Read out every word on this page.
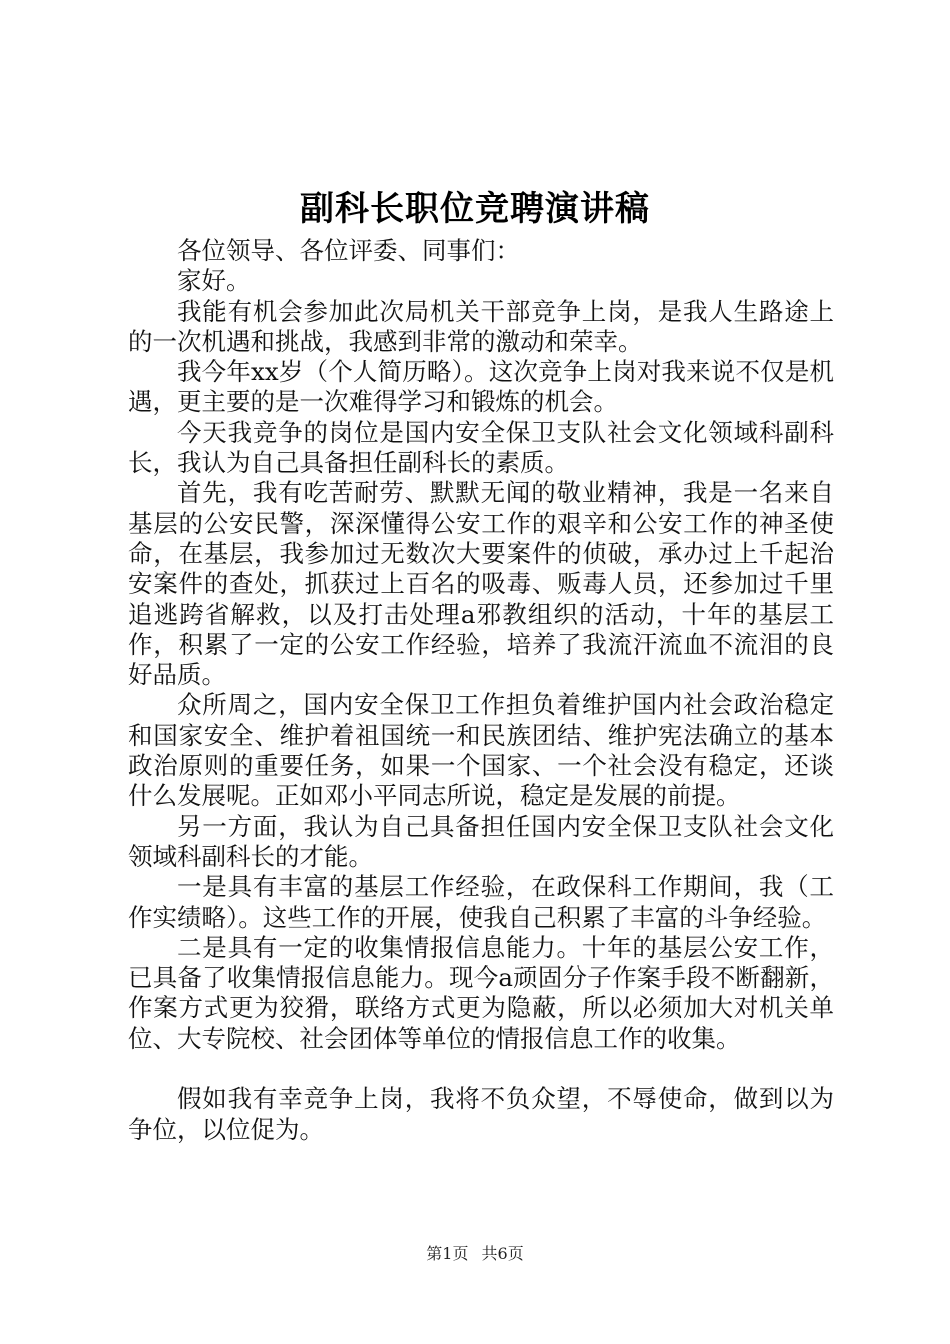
副科长职位竞聘演讲稿

各位领导、各位评委、同事们：

家好。

我能有机会参加此次局机关干部竞争上岗，是我人生路途上的一次机遇和挑战，我感到非常的激动和荣幸。

我今年xx岁（个人简历略）。这次竞争上岗对我来说不仅是机遇，更主要的是一次难得学习和锻炼的机会。

今天我竞争的岗位是国内安全保卫支队社会文化领域科副科长，我认为自己具备担任副科长的素质。

首先，我有吃苦耐劳、默默无闻的敬业精神，我是一名来自基层的公安民警，深深懂得公安工作的艰辛和公安工作的神圣使命，在基层，我参加过无数次大要案件的侦破，承办过上千起治安案件的查处，抓获过上百名的吸毒、贩毒人员，还参加过千里追逃跨省解救，以及打击处理a邪教组织的活动，十年的基层工作，积累了一定的公安工作经验，培养了我流汗流血不流泪的良好品质。

众所周之，国内安全保卫工作担负着维护国内社会政治稳定和国家安全、维护着祖国统一和民族团结、维护宪法确立的基本政治原则的重要任务，如果一个国家、一个社会没有稳定，还谈什么发展呢。正如邓小平同志所说，稳定是发展的前提。

另一方面，我认为自己具备担任国内安全保卫支队社会文化领域科副科长的才能。

一是具有丰富的基层工作经验，在政保科工作期间，我（工作实绩略）。这些工作的开展，使我自己积累了丰富的斗争经验。

二是具有一定的收集情报信息能力。十年的基层公安工作，已具备了收集情报信息能力。现今a顽固分子作案手段不断翻新，作案方式更为狡猾，联络方式更为隐蔽，所以必须加大对机关单位、大专院校、社会团体等单位的情报信息工作的收集。

假如我有幸竞争上岗，我将不负众望，不辱使命，做到以为争位，以位促为。

第1页 共6页
